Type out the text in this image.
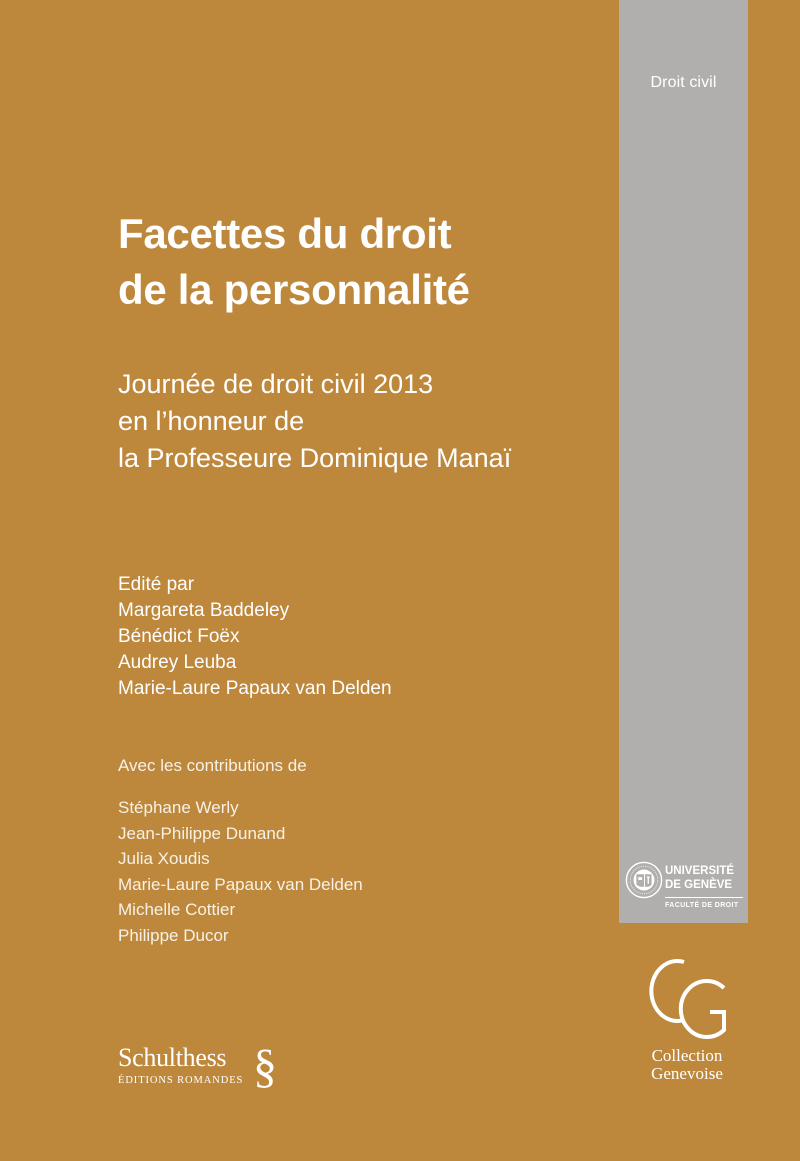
Droit civil
UNIVERSITÉ
DE GENÈVE
FACULTÉ DE DROIT
Facettes du droit
de la personnalité
Journée de droit civil 2013
en l’honneur de
la Professeure Dominique Manaï
Edité par
Margareta Baddeley
Bénédict Foëx
Audrey Leuba
Marie-Laure Papaux van Delden
Avec les contributions de
Stéphane Werly
Jean-Philippe Dunand
Julia Xoudis
Marie-Laure Papaux van Delden
Michelle Cottier
Philippe Ducor
Schulthess
ÉDITIONS ROMANDES §	Collection
Genevoise
